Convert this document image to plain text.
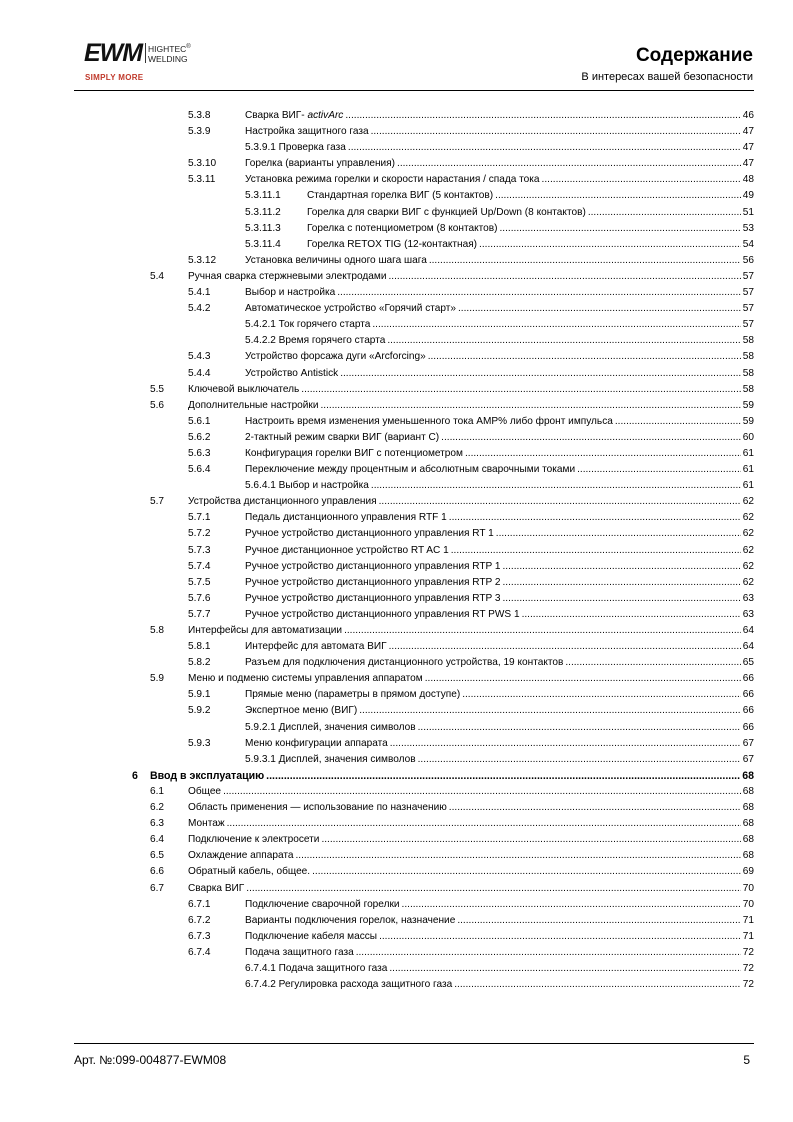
EWM HIGHTEC®
WELDING
SIMPLY MORE
Содержание
В интересах вашей безопасности
5.3.8	Сварка ВИГ- activArc .....	46
5.3.9	Настройка защитного газа .....	47
5.3.9.1 Проверка газа .....	47
5.3.10	Горелка (варианты управления) .....	47
5.3.11	Установка режима горелки и скорости нарастания / спада тока .....	48
5.3.11.1	Стандартная горелка ВИГ (5 контактов) .....	49
5.3.11.2	Горелка для сварки ВИГ с функцией Up/Down (8 контактов) .....	51
5.3.11.3	Горелка с потенциометром (8 контактов) .....	53
5.3.11.4	Горелка RETOX TIG (12-контактная) .....	54
5.3.12	Установка величины одного шага шага .....	56
5.4 Ручная сварка стержневыми электродами .....	57
5.4.1	Выбор и настройка .....	57
5.4.2	Автоматическое устройство «Горячий старт» .....	57
5.4.2.1 Ток горячего старта .....	57
5.4.2.2 Время горячего старта .....	58
5.4.3	Устройство форсажа дуги «Arcforcing» .....	58
5.4.4	Устройство Antistick .....	58
5.5 Ключевой выключатель .....	58
5.6 Дополнительные настройки .....	59
5.6.1	Настроить время изменения уменьшенного тока AMP% либо фронт импульса .....	59
5.6.2	2-тактный режим сварки ВИГ (вариант С) .....	60
5.6.3	Конфигурация горелки ВИГ с потенциометром .....	61
5.6.4	Переключение между процентным и абсолютным сварочными токами .....	61
5.6.4.1 Выбор и настройка .....	61
5.7 Устройства дистанционного управления .....	62
5.7.1	Педаль дистанционного управления RTF 1 .....	62
5.7.2	Ручное устройство дистанционного управления RT 1 .....	62
5.7.3	Ручное дистанционное устройство RT AC 1 .....	62
5.7.4	Ручное устройство дистанционного управления RTP 1 .....	62
5.7.5	Ручное устройство дистанционного управления RTP 2 .....	62
5.7.6	Ручное устройство дистанционного управления RTP 3 .....	63
5.7.7	Ручное устройство дистанционного управления RT PWS 1 .....	63
5.8 Интерфейсы для автоматизации .....	64
5.8.1	Интерфейс для автомата ВИГ .....	64
5.8.2	Разъем для подключения дистанционного устройства, 19 контактов .....	65
5.9 Меню и подменю системы управления аппаратом .....	66
5.9.1	Прямые меню (параметры в прямом доступе) .....	66
5.9.2	Экспертное меню (ВИГ) .....	66
5.9.2.1 Дисплей, значения символов .....	66
5.9.3	Меню конфигурации аппарата .....	67
5.9.3.1 Дисплей, значения символов .....	67
6 Ввод в эксплуатацию .....	68
6.1 Общее .....	68
6.2 Область применения — использование по назначению .....	68
6.3 Монтаж .....	68
6.4 Подключение к электросети .....	68
6.5 Охлаждение аппарата .....	68
6.6 Обратный кабель, общее. .....	69
6.7 Сварка ВИГ .....	70
6.7.1	Подключение сварочной горелки .....	70
6.7.2	Варианты подключения горелок, назначение .....	71
6.7.3	Подключение кабеля массы .....	71
6.7.4	Подача защитного газа .....	72
6.7.4.1 Подача защитного газа .....	72
6.7.4.2 Регулировка расхода защитного газа .....	72
Арт. №:099-004877-EWM08	5
